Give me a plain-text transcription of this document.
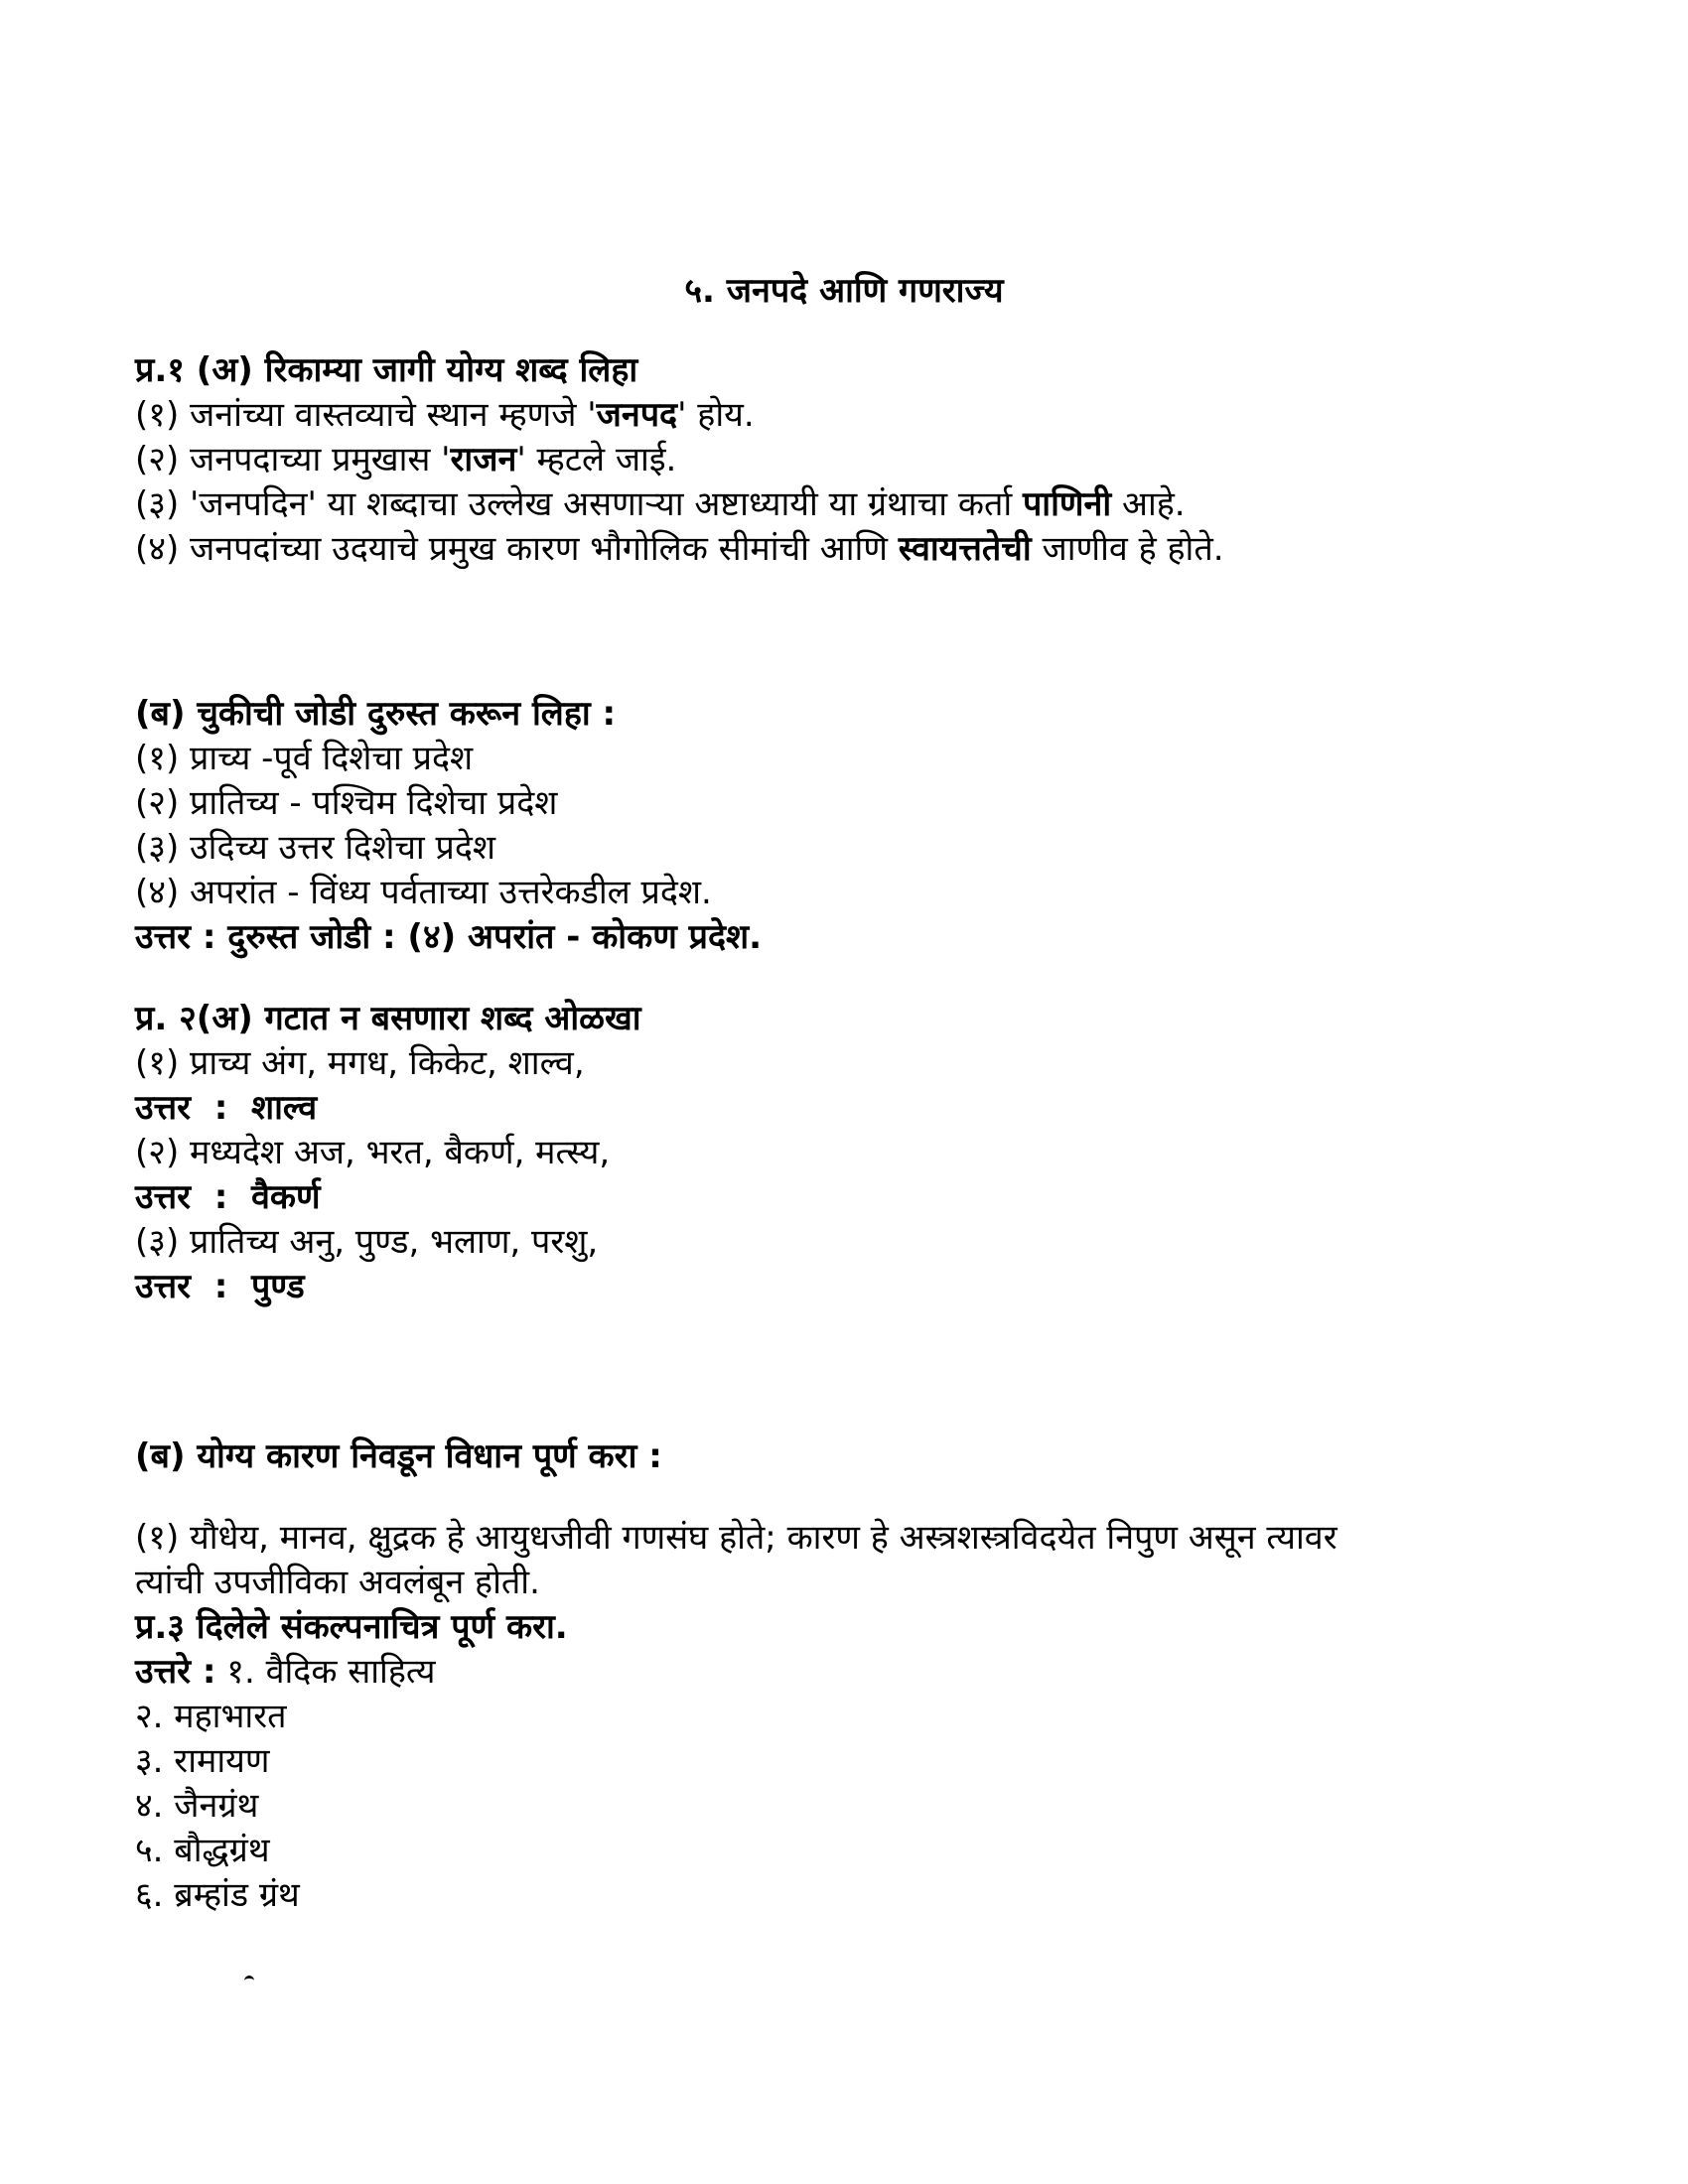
५. जनपदे आणि गणराज्य
प्र.१ (अ) रिकाम्या जागी योग्य शब्द लिहा
(१) जनांच्या वास्तव्याचे स्थान म्हणजे 'जनपद' होय.
(२) जनपदाच्या प्रमुखास 'राजन' म्हटले जाई.
(३) 'जनपदिन' या शब्दाचा उल्लेख असणाऱ्या अष्टाध्यायी या ग्रंथाचा कर्ता पाणिनी आहे.
(४) जनपदांच्या उदयाचे प्रमुख कारण भौगोलिक सीमांची आणि स्वायत्ततेची जाणीव हे होते.
(ब) चुकीची जोडी दुरुस्त करून लिहा :
(१) प्राच्य -पूर्व दिशेचा प्रदेश
(२) प्रातिच्य - पश्चिम दिशेचा प्रदेश
(३) उदिच्य उत्तर दिशेचा प्रदेश
(४) अपरांत - विंध्य पर्वताच्या उत्तरेकडील प्रदेश.
उत्तर : दुरुस्त जोडी : (४) अपरांत - कोकण प्रदेश.
प्र. २(अ) गटात न बसणारा शब्द ओळखा
(१) प्राच्य अंग, मगध, किकेट, शाल्व,
उत्तर  :  शाल्व
(२) मध्यदेश अज, भरत, बैकर्ण, मत्स्य,
उत्तर  :  वैकर्ण
(३) प्रातिच्य अनु, पुण्ड, भलाण, परशु,
उत्तर  :  पुण्ड
(ब) योग्य कारण निवडून विधान पूर्ण करा :
(१) यौधेय, मानव, क्षुद्रक हे आयुधजीवी गणसंघ होते; कारण हे अस्त्रशस्त्रविदयेत निपुण असून त्यावर
त्यांची उपजीविका अवलंबून होती.
प्र.३ दिलेले संकल्पनाचित्र पूर्ण करा.
उत्तरे : १. वैदिक साहित्य
२. महाभारत
३. रामायण
४. जैनग्रंथ
५. बौद्धग्रंथ
६. ब्रम्हांड ग्रंथ
